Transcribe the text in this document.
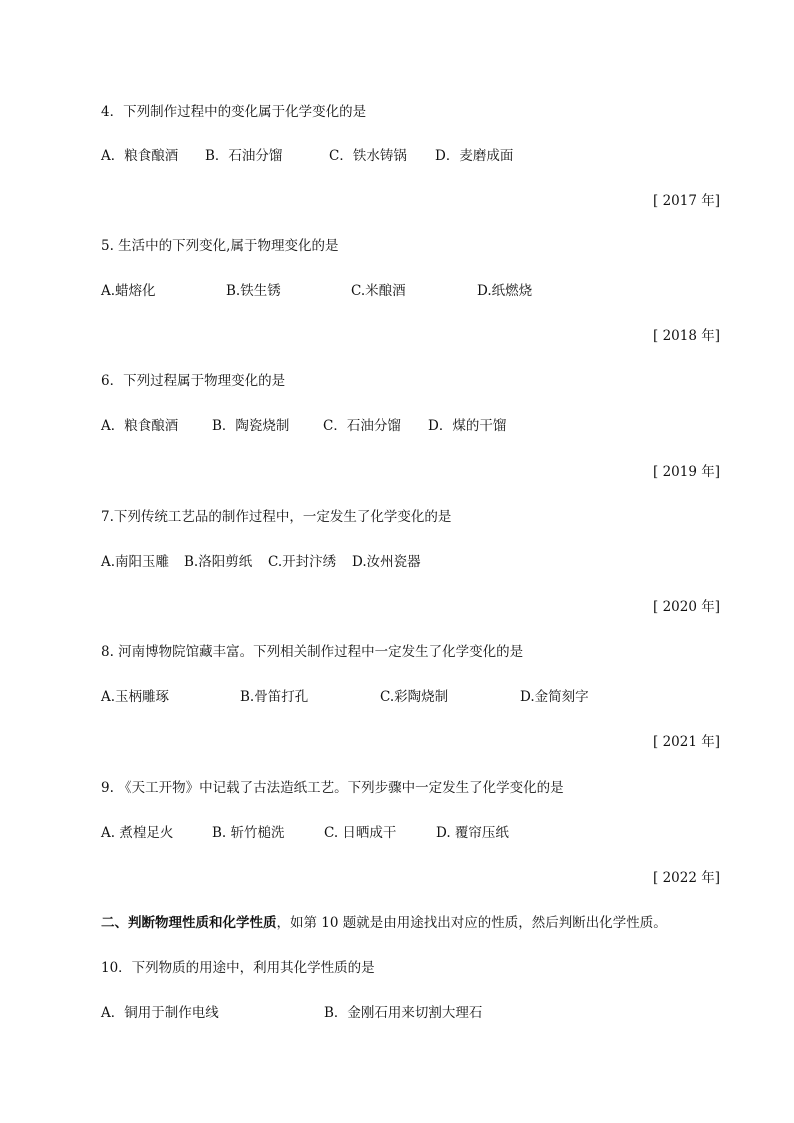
4．下列制作过程中的变化属于化学变化的是
A．粮食酿酒	B．石油分馏	C．铁水铸锅	D．麦磨成面
[ 2017 年]
5. 生活中的下列变化,属于物理变化的是
A.蜡熔化	B.铁生锈	C.米酿酒	D.纸燃烧
[ 2018 年]
6．下列过程属于物理变化的是
A．粮食酿酒	B．陶瓷烧制	C．石油分馏	D．煤的干馏
[ 2019 年]
7.下列传统工艺品的制作过程中，一定发生了化学变化的是
A.南阳玉雕	B.洛阳剪纸	C.开封汴绣	D.汝州瓷器
[ 2020 年]
8. 河南博物院馆藏丰富。下列相关制作过程中一定发生了化学变化的是
A.玉柄雕琢	B.骨笛打孔	C.彩陶烧制	D.金简刻字
[ 2021 年]
9. 《天工开物》中记载了古法造纸工艺。下列步骤中一定发生了化学变化的是
A. 煮楻足火	B. 斩竹槌洗	C. 日晒成干	D. 覆帘压纸
[ 2022 年]
二、判断物理性质和化学性质，如第 10 题就是由用途找出对应的性质，然后判断出化学性质。
10．下列物质的用途中，利用其化学性质的是
A．铜用于制作电线	B．金刚石用来切割大理石
